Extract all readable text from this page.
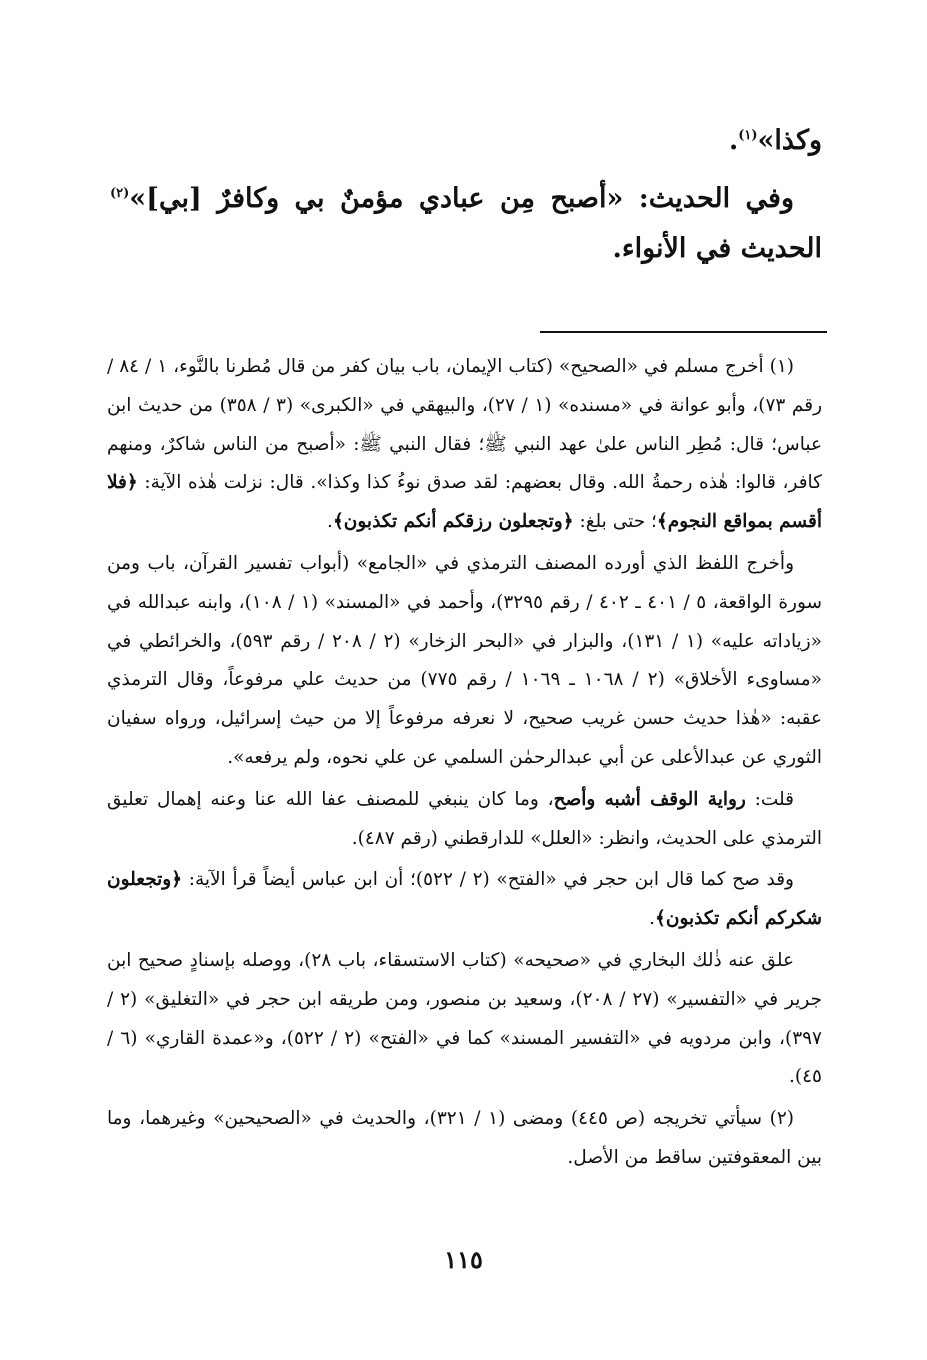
وكذا»$^{(١)}$.

وفي الحديث: «أصبح مِن عبادي مؤمنٌ بي وكافرٌ [بي]»$^{(٢)}$ الحديث في الأنواء.

(١) أخرج مسلم في «الصحيح» (كتاب الإيمان، باب بيان كفر من قال مُطرنا بالنَّوء، ١ / ٨٤ / رقم ٧٣)، وأبو عوانة في «مسنده» (١ / ٢٧)، والبيهقي في «الكبرى» (٣ / ٣٥٨) من حديث ابن عباس؛ قال: مُطِر الناس علىٰ عهد النبي ﷺ؛ فقال النبي ﷺ: «أصبح من الناس شاكرٌ، ومنهم كافر، قالوا: هٰذه رحمةُ الله. وقال بعضهم: لقد صدق نوءُ كذا وكذا». قال: نزلت هٰذه الآية: ﴿فلا أقسم بمواقع النجوم﴾؛ حتى بلغ: ﴿وتجعلون رزقكم أنكم تكذبون﴾.

وأخرج اللفظ الذي أورده المصنف الترمذي في «الجامع» (أبواب تفسير القرآن، باب ومن سورة الواقعة، ٥ / ٤٠١ ـ ٤٠٢ / رقم ٣٢٩٥)، وأحمد في «المسند» (١ / ١٠٨)، وابنه عبدالله في «زياداته عليه» (١ / ١٣١)، والبزار في «البحر الزخار» (٢ / ٢٠٨ / رقم ٥٩٣)، والخرائطي في «مساوىء الأخلاق» (٢ / ١٠٦٨ ـ ١٠٦٩ / رقم ٧٧٥) من حديث علي مرفوعاً، وقال الترمذي عقبه: «هٰذا حديث حسن غريب صحيح، لا نعرفه مرفوعاً إلا من حيث إسرائيل، ورواه سفيان الثوري عن عبدالأعلى عن أبي عبدالرحمٰن السلمي عن علي نحوه، ولم يرفعه».

قلت: رواية الوقف أشبه وأصح، وما كان ينبغي للمصنف عفا الله عنا وعنه إهمال تعليق الترمذي على الحديث، وانظر: «العلل» للدارقطني (رقم ٤٨٧).

وقد صح كما قال ابن حجر في «الفتح» (٢ / ٥٢٢)؛ أن ابن عباس أيضاً قرأ الآية: ﴿وتجعلون شكركم أنكم تكذبون﴾.

علق عنه ذٰلك البخاري في «صحيحه» (كتاب الاستسقاء، باب ٢٨)، ووصله بإسنادٍ صحيح ابن جرير في «التفسير» (٢٧ / ٢٠٨)، وسعيد بن منصور، ومن طريقه ابن حجر في «التغليق» (٢ / ٣٩٧)، وابن مردويه في «التفسير المسند» كما في «الفتح» (٢ / ٥٢٢)، و«عمدة القاري» (٦ / ٤٥).

(٢) سيأتي تخريجه (ص ٤٤٥) ومضى (١ / ٣٢١)، والحديث في «الصحيحين» وغيرهما، وما بين المعقوفتين ساقط من الأصل.

١١٥
